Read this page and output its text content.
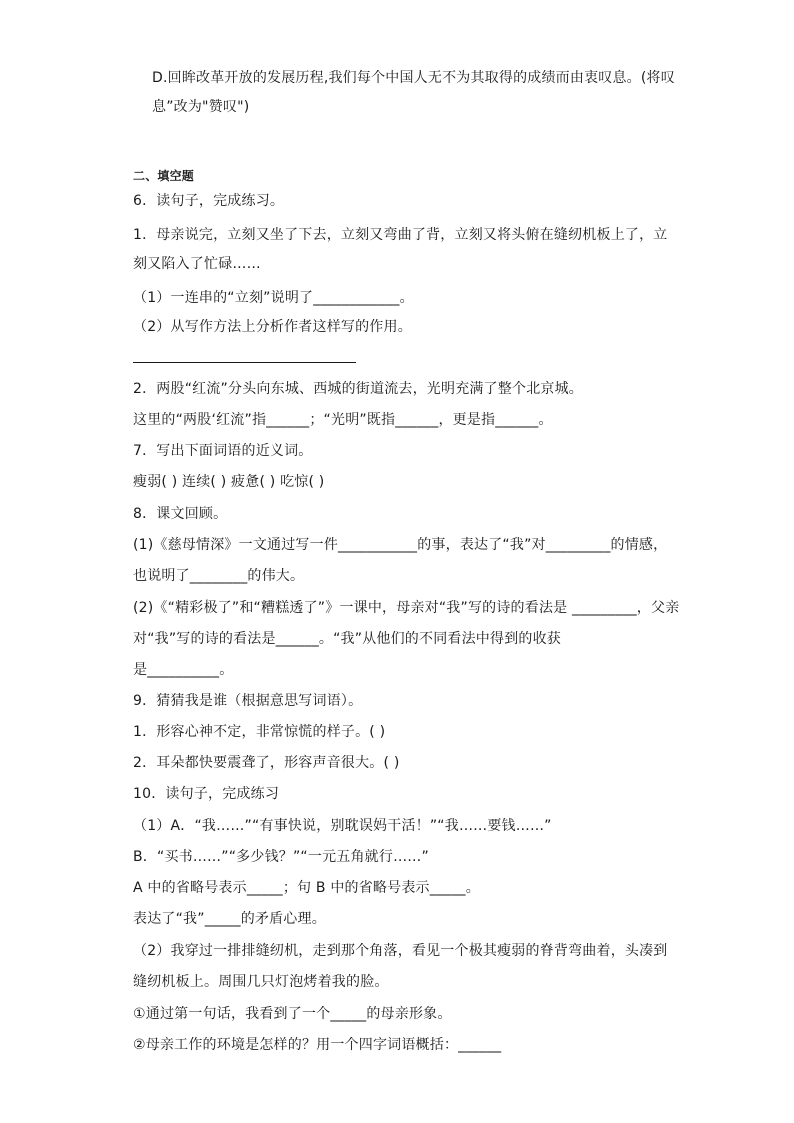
D.回眸改革开放的发展历程,我们每个中国人无不为其取得的成绩而由衷叹息。(将叹
息”改为"赞叹")
二、填空题
6．读句子，完成练习。
1．母亲说完，立刻又坐了下去，立刻又弯曲了背，立刻又将头俯在缝纫机板上了，立
刻又陷入了忙碌……
（1）一连串的“立刻”说明了____________。
（2）从写作方法上分析作者这样写的作用。
2．两股“红流”分头向东城、西城的街道流去，光明充满了整个北京城。
这里的“两股‘红流”指______；“光明”既指______，更是指______。
7．写出下面词语的近义词。
瘦弱( ) 连续( ) 疲惫( ) 吃惊( )
8．课文回顾。
(1)《慈母情深》一文通过写一件___________的事，表达了“我”对_________的情感，
也说明了________的伟大。
(2)《“精彩极了”和“糟糕透了”》一课中，母亲对“我”写的诗的看法是 _________，父亲
对“我”写的诗的看法是______。“我”从他们的不同看法中得到的收获
是__________。
9．猜猜我是谁（根据意思写词语）。
1．形容心神不定，非常惊慌的样子。( )
2．耳朵都快要震聋了，形容声音很大。( )
10．读句子，完成练习
（1）A．“我……”“有事快说，别耽误妈干活！”“我……要钱……”
B．“买书……”“多少钱？”“一元五角就行……”
A 中的省略号表示_____；句 B 中的省略号表示_____。
表达了“我”_____的矛盾心理。
（2）我穿过一排排缝纫机，走到那个角落，看见一个极其瘦弱的脊背弯曲着，头凑到
缝纫机板上。周围几只灯泡烤着我的脸。
①通过第一句话，我看到了一个_____的母亲形象。
②母亲工作的环境是怎样的？用一个四字词语概括：______
